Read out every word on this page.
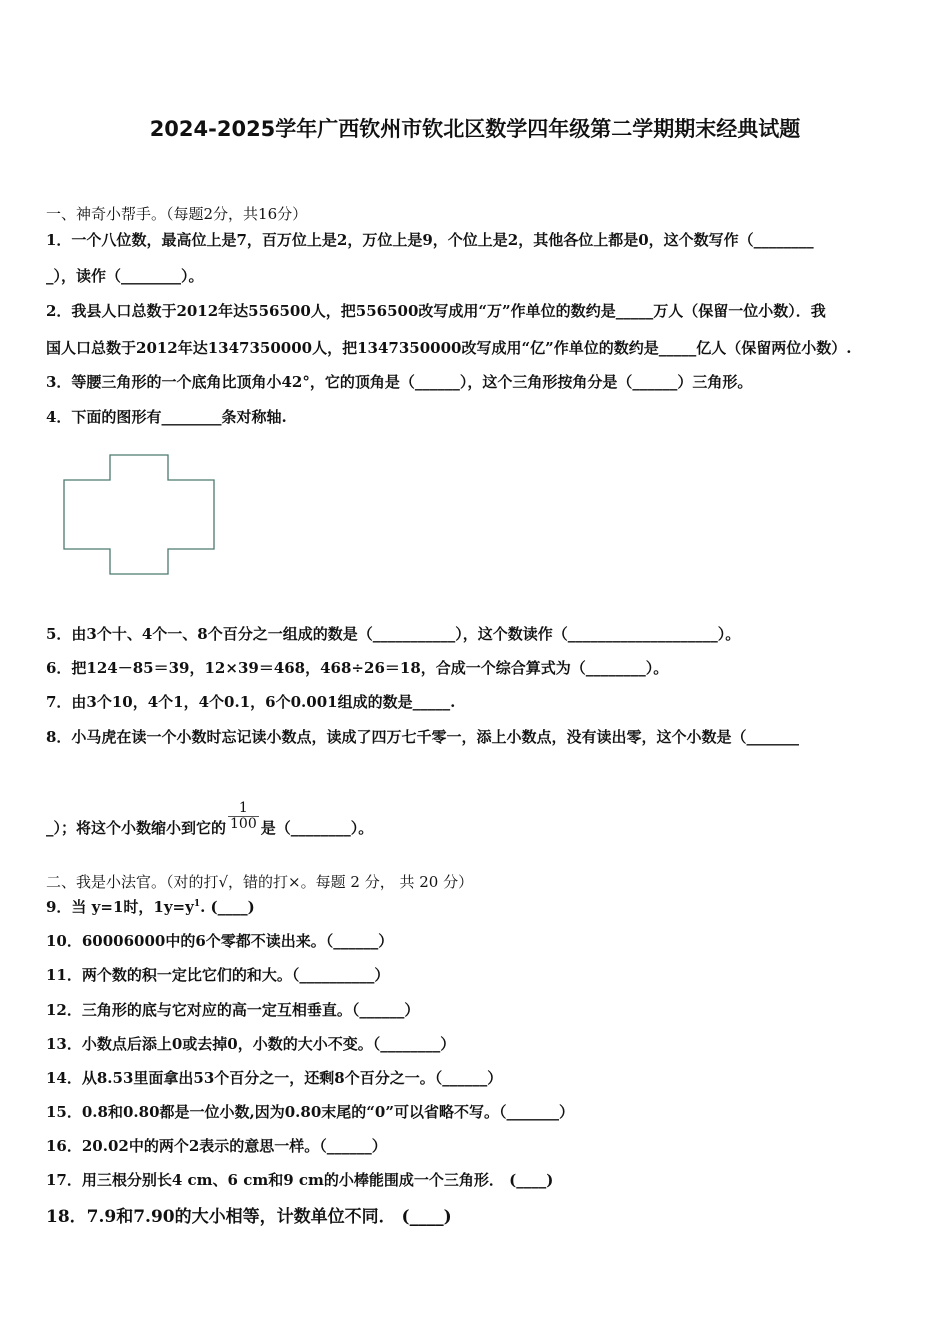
2024-2025学年广西钦州市钦北区数学四年级第二学期期末经典试题
一、神奇小帮手。（每题2分，共16分）
1．一个八位数，最高位上是7，百万位上是2，万位上是9，个位上是2，其他各位上都是0，这个数写作（________
_），读作（________）。
2．我县人口总数于2012年达556500人，把556500改写成用“万”作单位的数约是_____万人（保留一位小数）．我
国人口总数于2012年达1347350000人，把1347350000改写成用“亿”作单位的数约是_____亿人（保留两位小数）.
3．等腰三角形的一个底角比顶角小42°，它的顶角是（______），这个三角形按角分是（______）三角形。
4．下面的图形有________条对称轴.
5．由3个十、4个一、8个百分之一组成的数是（___________），这个数读作（____________________）。
6．把124－85＝39，12×39＝468，468÷26＝18，合成一个综合算式为（________）。
7．由3个10，4个1，4个0.1，6个0.001组成的数是_____.
8．小马虎在读一个小数时忘记读小数点，读成了四万七千零一，添上小数点，没有读出零，这个小数是（_______
_）；将这个小数缩小到它的 $\frac{1}{100}$ 是（________）。
二、我是小法官。（对的打√，错的打×。每题 2 分， 共 20 分）
9．当 y=1时，$1y=y^1$. (____)
10．60006000中的6个零都不读出来。（______）
11．两个数的积一定比它们的和大。（__________）
12．三角形的底与它对应的高一定互相垂直。（______）
13．小数点后添上0或去掉0，小数的大小不变。（________）
14．从8.53里面拿出53个百分之一，还剩8个百分之一。（______）
15．0.8和0.80都是一位小数,因为0.80末尾的“0”可以省略不写。（_______）
16．20.02中的两个2表示的意思一样。（______）
17．用三根分别长4 cm、6 cm和9 cm的小棒能围成一个三角形． (____)
18．7.9和7.90的大小相等，计数单位不同． (____)
